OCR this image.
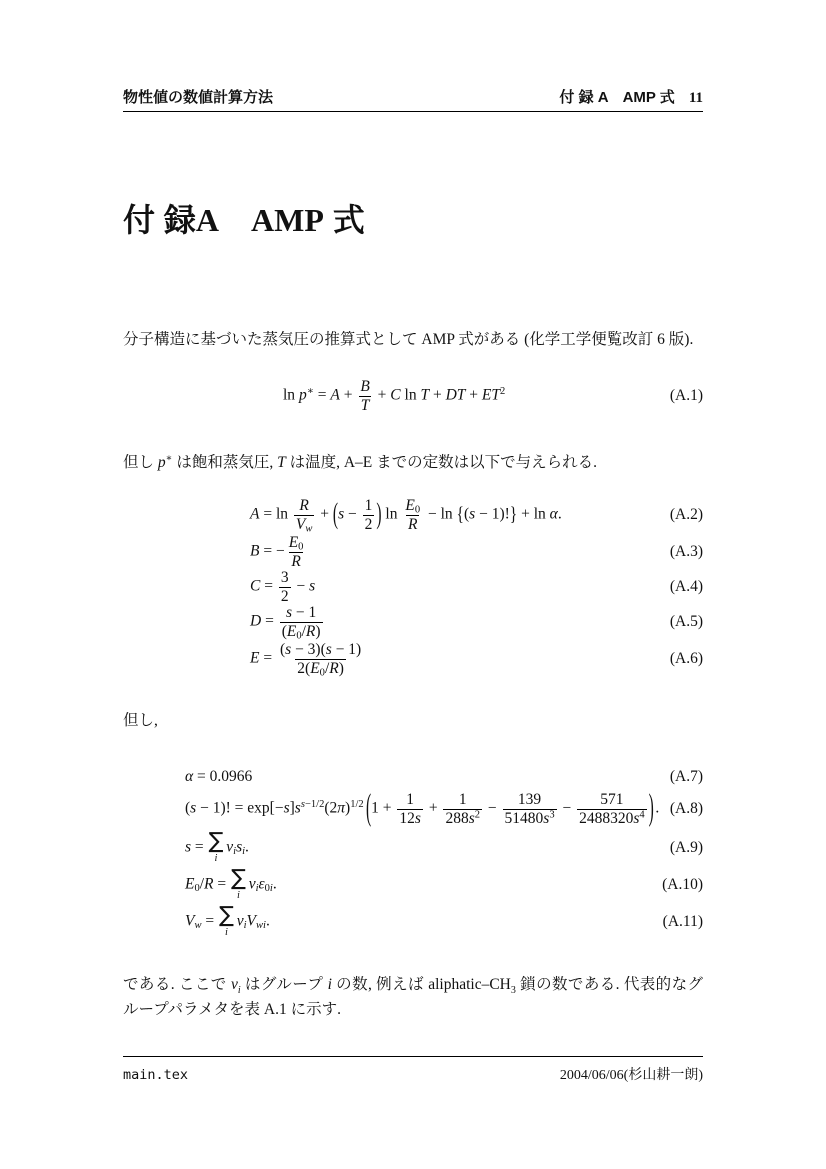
物性値の数値計算方法	付 録 A AMP 式 11
付 録A AMP 式

分子構造に基づいた蒸気圧の推算式として AMP 式がある (化学工学便覧改訂 6 版).

$\ln p^∗ = A + \frac{B}{T} + C$ ln T + DT + $ET^2$	(A.1)

但し p∗ は飽和蒸気圧, T は温度, A–E までの定数は以下で与えられる.

$A = \ln \frac{R}{Vw} + (s - \frac{1}{2}$ ) $\ln \frac{E0}{R} - \ln \{(s - 1)!\} + \ln \alpha$.	(A.2)
B = − $\frac{E0}{R}$	(A.3)
$C = \frac{3}{2} - s$	(A.4)
$D = \frac{s - 1}{(E0/R)}$	(A.5)
$E = \frac{(s - 3)(s - 1)}{2(E0/R)}$	(A.6)

但し,

α = 0.0966	(A.7)
(s − 1)! = $\exp[-s]s^{s-1/2}(2\pi)^{1/2}$ ($1 + \frac{1}{12s} + \frac{1}{288s^2} - \frac{139}{51480s^3} - \frac{571}{2488320s^4}$ ). (A.8)
s = ∑
i
νisi.	(A.9)
E0/R = ∑
i
νiε0i.	(A.10)
Vw = ∑
i
νiVwi.	(A.11)

である. ここで $\nu_i$ はグループ i の数, 例えば aliphatic–$CH_3$ 鎖の数である. 代表的なグループパラメタを表 A.1 に示す.

main.tex	2004/06/06(杉山耕一朗)
